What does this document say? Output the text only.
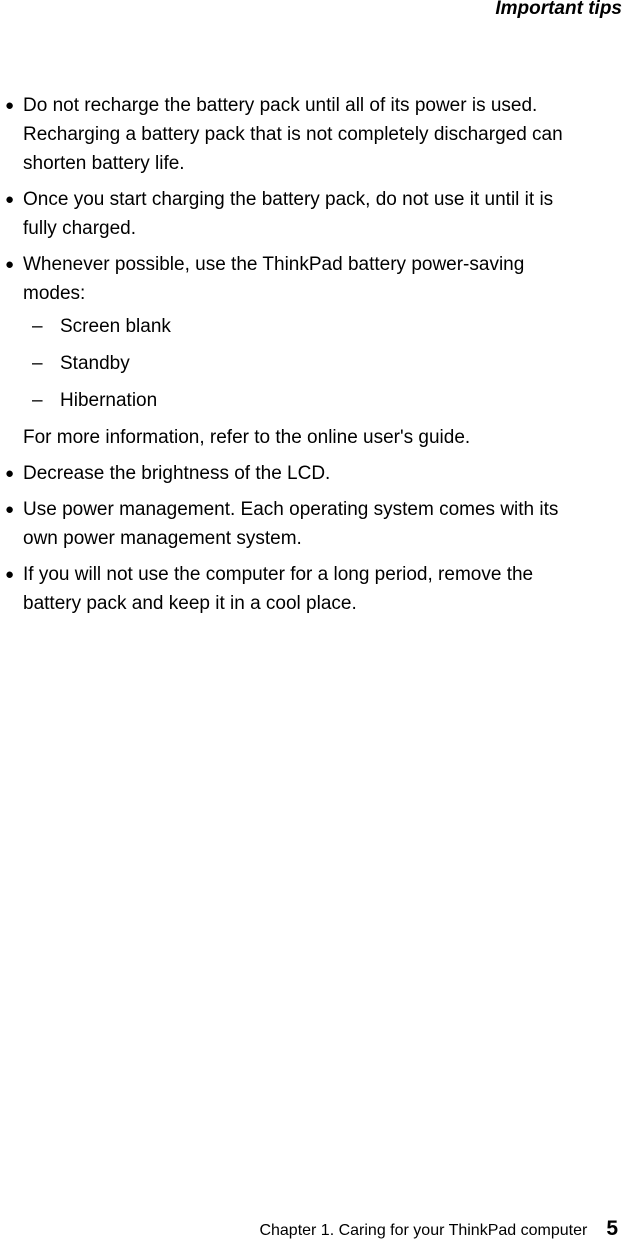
Important tips
● Do not recharge the battery pack until all of its power is used.
Recharging a battery pack that is not completely discharged can
shorten battery life.
● Once you start charging the battery pack, do not use it until it is
fully charged.
● Whenever possible, use the ThinkPad battery power-saving
modes:
– Screen blank
– Standby
– Hibernation
For more information, refer to the online user's guide.
● Decrease the brightness of the LCD.
● Use power management. Each operating system comes with its
own power management system.
● If you will not use the computer for a long period, remove the
battery pack and keep it in a cool place.
Chapter 1. Caring for your ThinkPad computer 5
